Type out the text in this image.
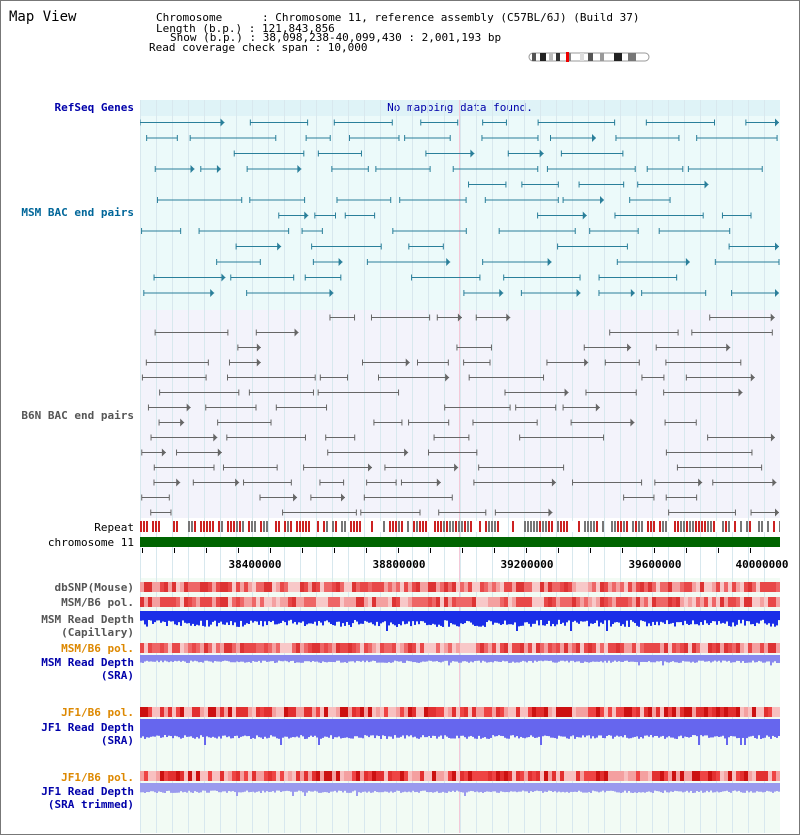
Map View	Chromosome      : Chromosome 11, reference assembly (C57BL/6J) (Build 37)
Length (b.p.) : 121,843,856
Show (b.p.) : 38,098,238-40,099,430 : 2,001,193 bp
Read coverage check span : 10,000
No mapping data found.
RefSeq Genes
MSM BAC end pairs
B6N BAC end pairs
Repeat
chromosome 11
dbSNP(Mouse)
MSM/B6 pol.
MSM Read Depth
(Capillary)
MSM/B6 pol.
MSM Read Depth
(SRA)
JF1/B6 pol.
JF1 Read Depth
(SRA)
JF1/B6 pol.
JF1 Read Depth
(SRA trimmed)
38400000	38800000	39200000	39600000	40000000
